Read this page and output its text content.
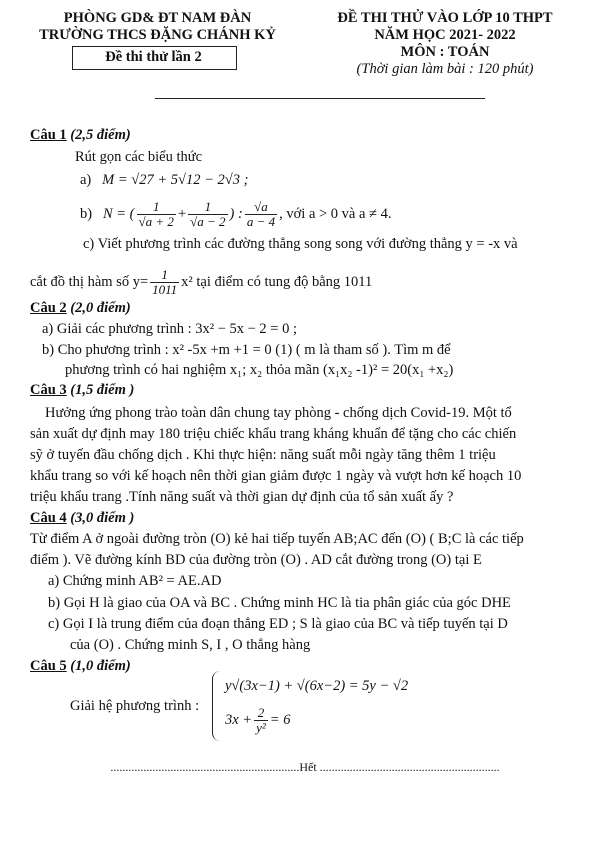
PHÒNG GD& ĐT NAM ĐÀN
TRƯỜNG THCS ĐẶNG CHÁNH KỶ
Đề thi thử lần 2
ĐỀ THI THỬ VÀO LỚP 10 THPT
NĂM HỌC 2021- 2022
MÔN : TOÁN
(Thời gian làm bài : 120 phút)
Câu 1 (2,5 điểm)
Rút gọn các biểu thức
a) M = √27 + 5√12 − 2√3 ;
b) N = ( $\frac{1}{√a + 2} + \frac{1}{√a - 2}$ ) : $\frac{√a}{a - 4}$ , với a > 0 và a ≠ 4.
c) Viết phương trình các đường thẳng song song với đường thẳng y = -x và
cắt đồ thị hàm số $y= \frac{1}{1011} x^2$ tại điểm có tung độ bằng 1011
Câu 2 (2,0 điểm)
a) Giải các phương trình : 3x² − 5x − 2 = 0 ;
b) Cho phương trình : x² -5x +m +1 = 0 (1) ( m là tham số ). Tìm m để
phương trình có hai nghiệm x₁; x₂ thỏa mãn (x₁x₂ -1)² = 20(x₁ +x₂)
Câu 3 (1,5 điểm )
Hưởng ứng phong trào toàn dân chung tay phòng - chống dịch Covid-19. Một tổ
sản xuất dự định may 180 triệu chiếc khẩu trang kháng khuẩn để tặng cho các chiến
sỹ ở tuyến đầu chống dịch . Khi thực hiện: năng suất mỗi ngày tăng thêm 1 triệu
khẩu trang so với kế hoạch nên thời gian giảm được 1 ngày và vượt hơn kế hoạch 10
triệu khẩu trang .Tính năng suất và thời gian dự định của tổ sản xuất ấy ?
Câu 4 (3,0 điểm )
Từ điểm A ở ngoài đường tròn (O) kẻ hai tiếp tuyến AB;AC đến (O) ( B;C là các tiếp
điểm ). Vẽ đường kính BD của đường tròn (O) . AD cắt đường trong (O) tại E
a) Chứng minh AB² = AE.AD
b) Gọi H là giao của OA và BC . Chứng minh HC là tia phân giác của góc DHE
c) Gọi I là trung điểm của đoạn thẳng ED ; S là giao của BC và tiếp tuyến tại D
của (O) . Chứng minh S, I , O thẳng hàng
Câu 5 (1,0 điểm)
Giải hệ phương trình :
y√(3x−1) + √(6x−2) = 5y − √2
$3x + \frac{2}{\text{y²}} = 6$
...............................................................Hết ............................................................
